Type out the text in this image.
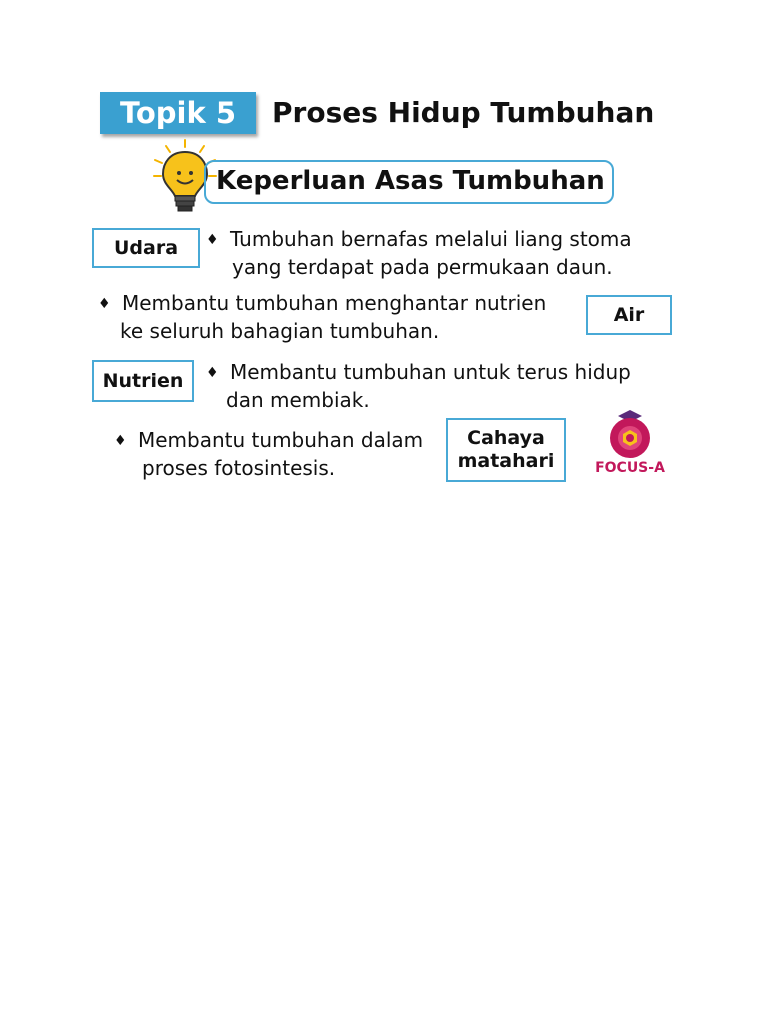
Topik 5	Proses Hidup Tumbuhan
Keperluan Asas Tumbuhan
Udara ♦ Tumbuhan bernafas melalui liang stoma
yang terdapat pada permukaan daun.
♦ Membantu tumbuhan menghantar nutrien
ke seluruh bahagian tumbuhan.
Air
Nutrien ♦ Membantu tumbuhan untuk terus hidup
dan membiak.
♦ Membantu tumbuhan dalam
proses fotosintesis.
Cahaya
matahari	FOCUS-A
